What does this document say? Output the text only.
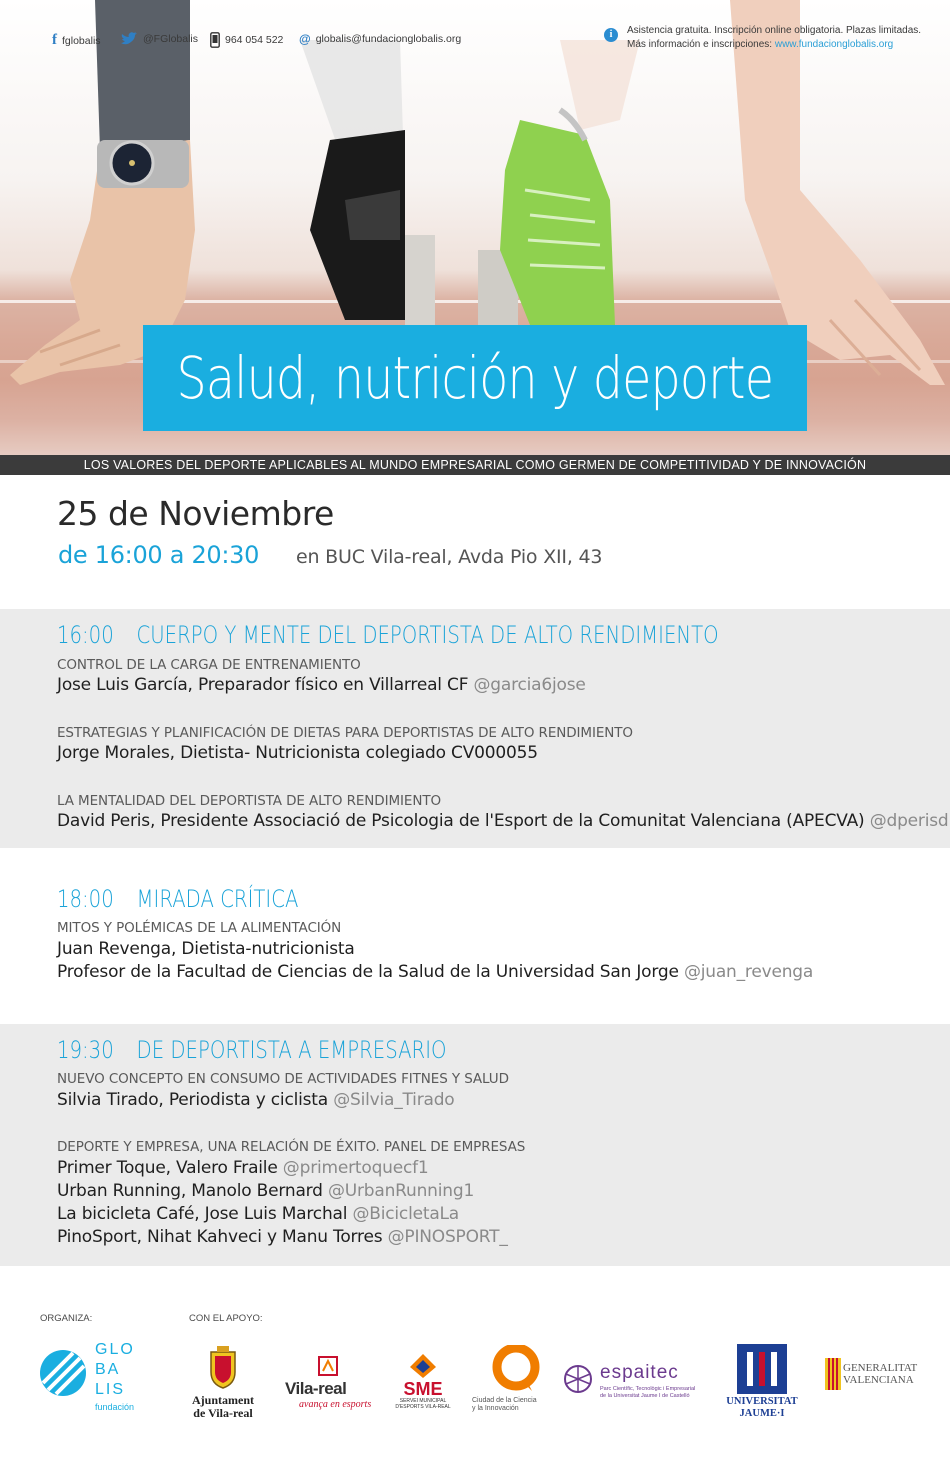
f fglobalis	@FGlobalis	964 054 522 @ globalis@fundacionglobalis.org	i	Asistencia gratuita. Inscripción online obligatoria. Plazas limitadas.
Más información e inscripciones: www.fundacionglobalis.org
Salud, nutrición y deporte
LOS VALORES DEL DEPORTE APLICABLES AL MUNDO EMPRESARIAL COMO GERMEN DE COMPETITIVIDAD Y DE INNOVACIÓN
25 de Noviembre
de 16:00 a 20:30 en BUC Vila-real, Avda Pio XII, 43
16:00 CUERPO Y MENTE DEL DEPORTISTA DE ALTO RENDIMIENTO
CONTROL DE LA CARGA DE ENTRENAMIENTO
Jose Luis García, Preparador físico en Villarreal CF @garcia6jose
ESTRATEGIAS Y PLANIFICACIÓN DE DIETAS PARA DEPORTISTAS DE ALTO RENDIMIENTO
Jorge Morales, Dietista- Nutricionista colegiado CV000055
LA MENTALIDAD DEL DEPORTISTA DE ALTO RENDIMIENTO
David Peris, Presidente Associació de Psicologia de l'Esport de la Comunitat Valenciana (APECVA) @dperisd
18:00 MIRADA CRÍTICA
MITOS Y POLÉMICAS DE LA ALIMENTACIÓN
Juan Revenga, Dietista-nutricionista
Profesor de la Facultad de Ciencias de la Salud de la Universidad San Jorge @juan_revenga
19:30 DE DEPORTISTA A EMPRESARIO
NUEVO CONCEPTO EN CONSUMO DE ACTIVIDADES FITNES Y SALUD
Silvia Tirado, Periodista y ciclista @Silvia_Tirado
DEPORTE Y EMPRESA, UNA RELACIÓN DE ÉXITO. PANEL DE EMPRESAS
Primer Toque, Valero Fraile @primertoquecf1
Urban Running, Manolo Bernard @UrbanRunning1
La bicicleta Café, Jose Luis Marchal @BicicletaLa
PinoSport, Nihat Kahveci y Manu Torres @PINOSPORT_
ORGANIZA:	CON EL APOYO:
GLO
BA
LIS
fundación	Ajuntament
de Vila-real
Vila-real
avança en esports
SME
SERVEI MUNICIPAL
D'ESPORTS VILA-REAL
Ciudad de la Ciencia
y la Innovación
espaitec
Parc Científic, Tecnològic i Empresarial
de la Universitat Jaume I de Castelló
UNIVERSITAT
JAUME·I
GENERALITAT
VALENCIANA
